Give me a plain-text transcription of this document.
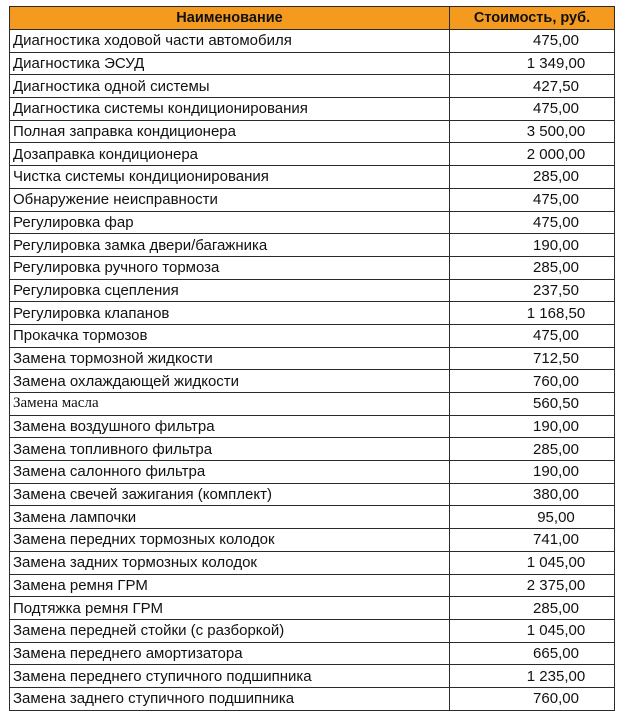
Наименование	Стоимость, руб.
Диагностика ходовой части автомобиля	475,00
Диагностика ЭСУД	1 349,00
Диагностика одной системы	427,50
Диагностика системы кондиционирования	475,00
Полная заправка кондиционера	3 500,00
Дозаправка кондиционера	2 000,00
Чистка системы кондиционирования	285,00
Обнаружение неисправности	475,00
Регулировка фар	475,00
Регулировка замка двери/багажника	190,00
Регулировка ручного тормоза	285,00
Регулировка сцепления	237,50
Регулировка клапанов	1 168,50
Прокачка тормозов	475,00
Замена тормозной жидкости	712,50
Замена охлаждающей жидкости	760,00
Замена масла	560,50
Замена воздушного фильтра	190,00
Замена топливного фильтра	285,00
Замена салонного фильтра	190,00
Замена свечей зажигания (комплект)	380,00
Замена лампочки	95,00
Замена передних тормозных колодок	741,00
Замена задних тормозных колодок	1 045,00
Замена ремня ГРМ	2 375,00
Подтяжка ремня ГРМ	285,00
Замена передней стойки (с разборкой)	1 045,00
Замена переднего амортизатора	665,00
Замена переднего ступичного подшипника	1 235,00
Замена заднего ступичного подшипника	760,00
